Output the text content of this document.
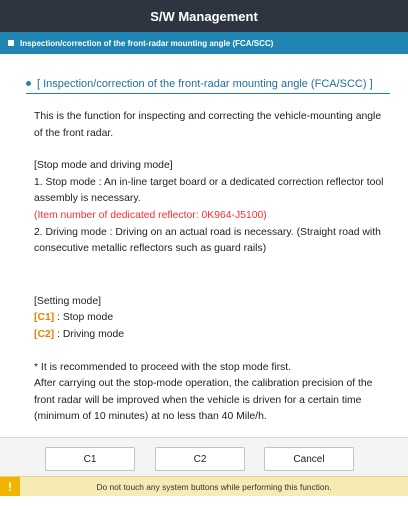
S/W Management
Inspection/correction of the front-radar mounting angle (FCA/SCC)
[ Inspection/correction of the front-radar mounting angle (FCA/SCC) ]

This is the function for inspecting and correcting the vehicle-mounting angle of the front radar.

[Stop mode and driving mode]

1. Stop mode : An in-line target board or a dedicated correction reflector tool assembly is necessary.

(Item number of dedicated reflector: 0K964-J5100)

2. Driving mode : Driving on an actual road is necessary. (Straight road with consecutive metallic reflectors such as guard rails)

[Setting mode]

[C1] : Stop mode

[C2] : Driving mode

* It is recommended to proceed with the stop mode first.

After carrying out the stop-mode operation, the calibration precision of the front radar will be improved when the vehicle is driven for a certain time (minimum of 10 minutes) at no less than 40 Mile/h.

C1	C2	Cancel
!	Do not touch any system buttons while performing this function.
